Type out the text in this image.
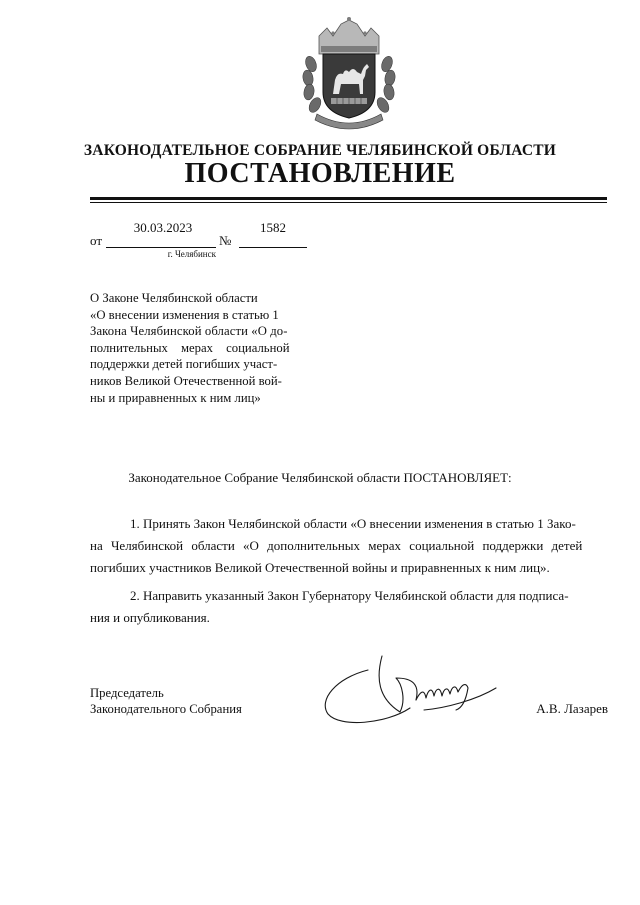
ЗАКОНОДАТЕЛЬНОЕ СОБРАНИЕ ЧЕЛЯБИНСКОЙ ОБЛАСТИ
ПОСТАНОВЛЕНИЕ
от
30.03.2023
№
1582
г. Челябинск
О Законе Челябинской области
«О внесении изменения в статью 1
Закона Челябинской области «О до-
полнительных мерах социальной
поддержки детей погибших участ-
ников Великой Отечественной вой-
ны и приравненных к ним лиц»
Законодательное Собрание Челябинской области ПОСТАНОВЛЯЕТ:
1. Принять Закон Челябинской области «О внесении изменения в статью 1 Зако-
на Челябинской области «О дополнительных мерах социальной поддержки детей
погибших участников Великой Отечественной войны и приравненных к ним лиц».
2. Направить указанный Закон Губернатору Челябинской области для подписа-
ния и опубликования.
Председатель
Законодательного Собрания	А.В. Лазарев
